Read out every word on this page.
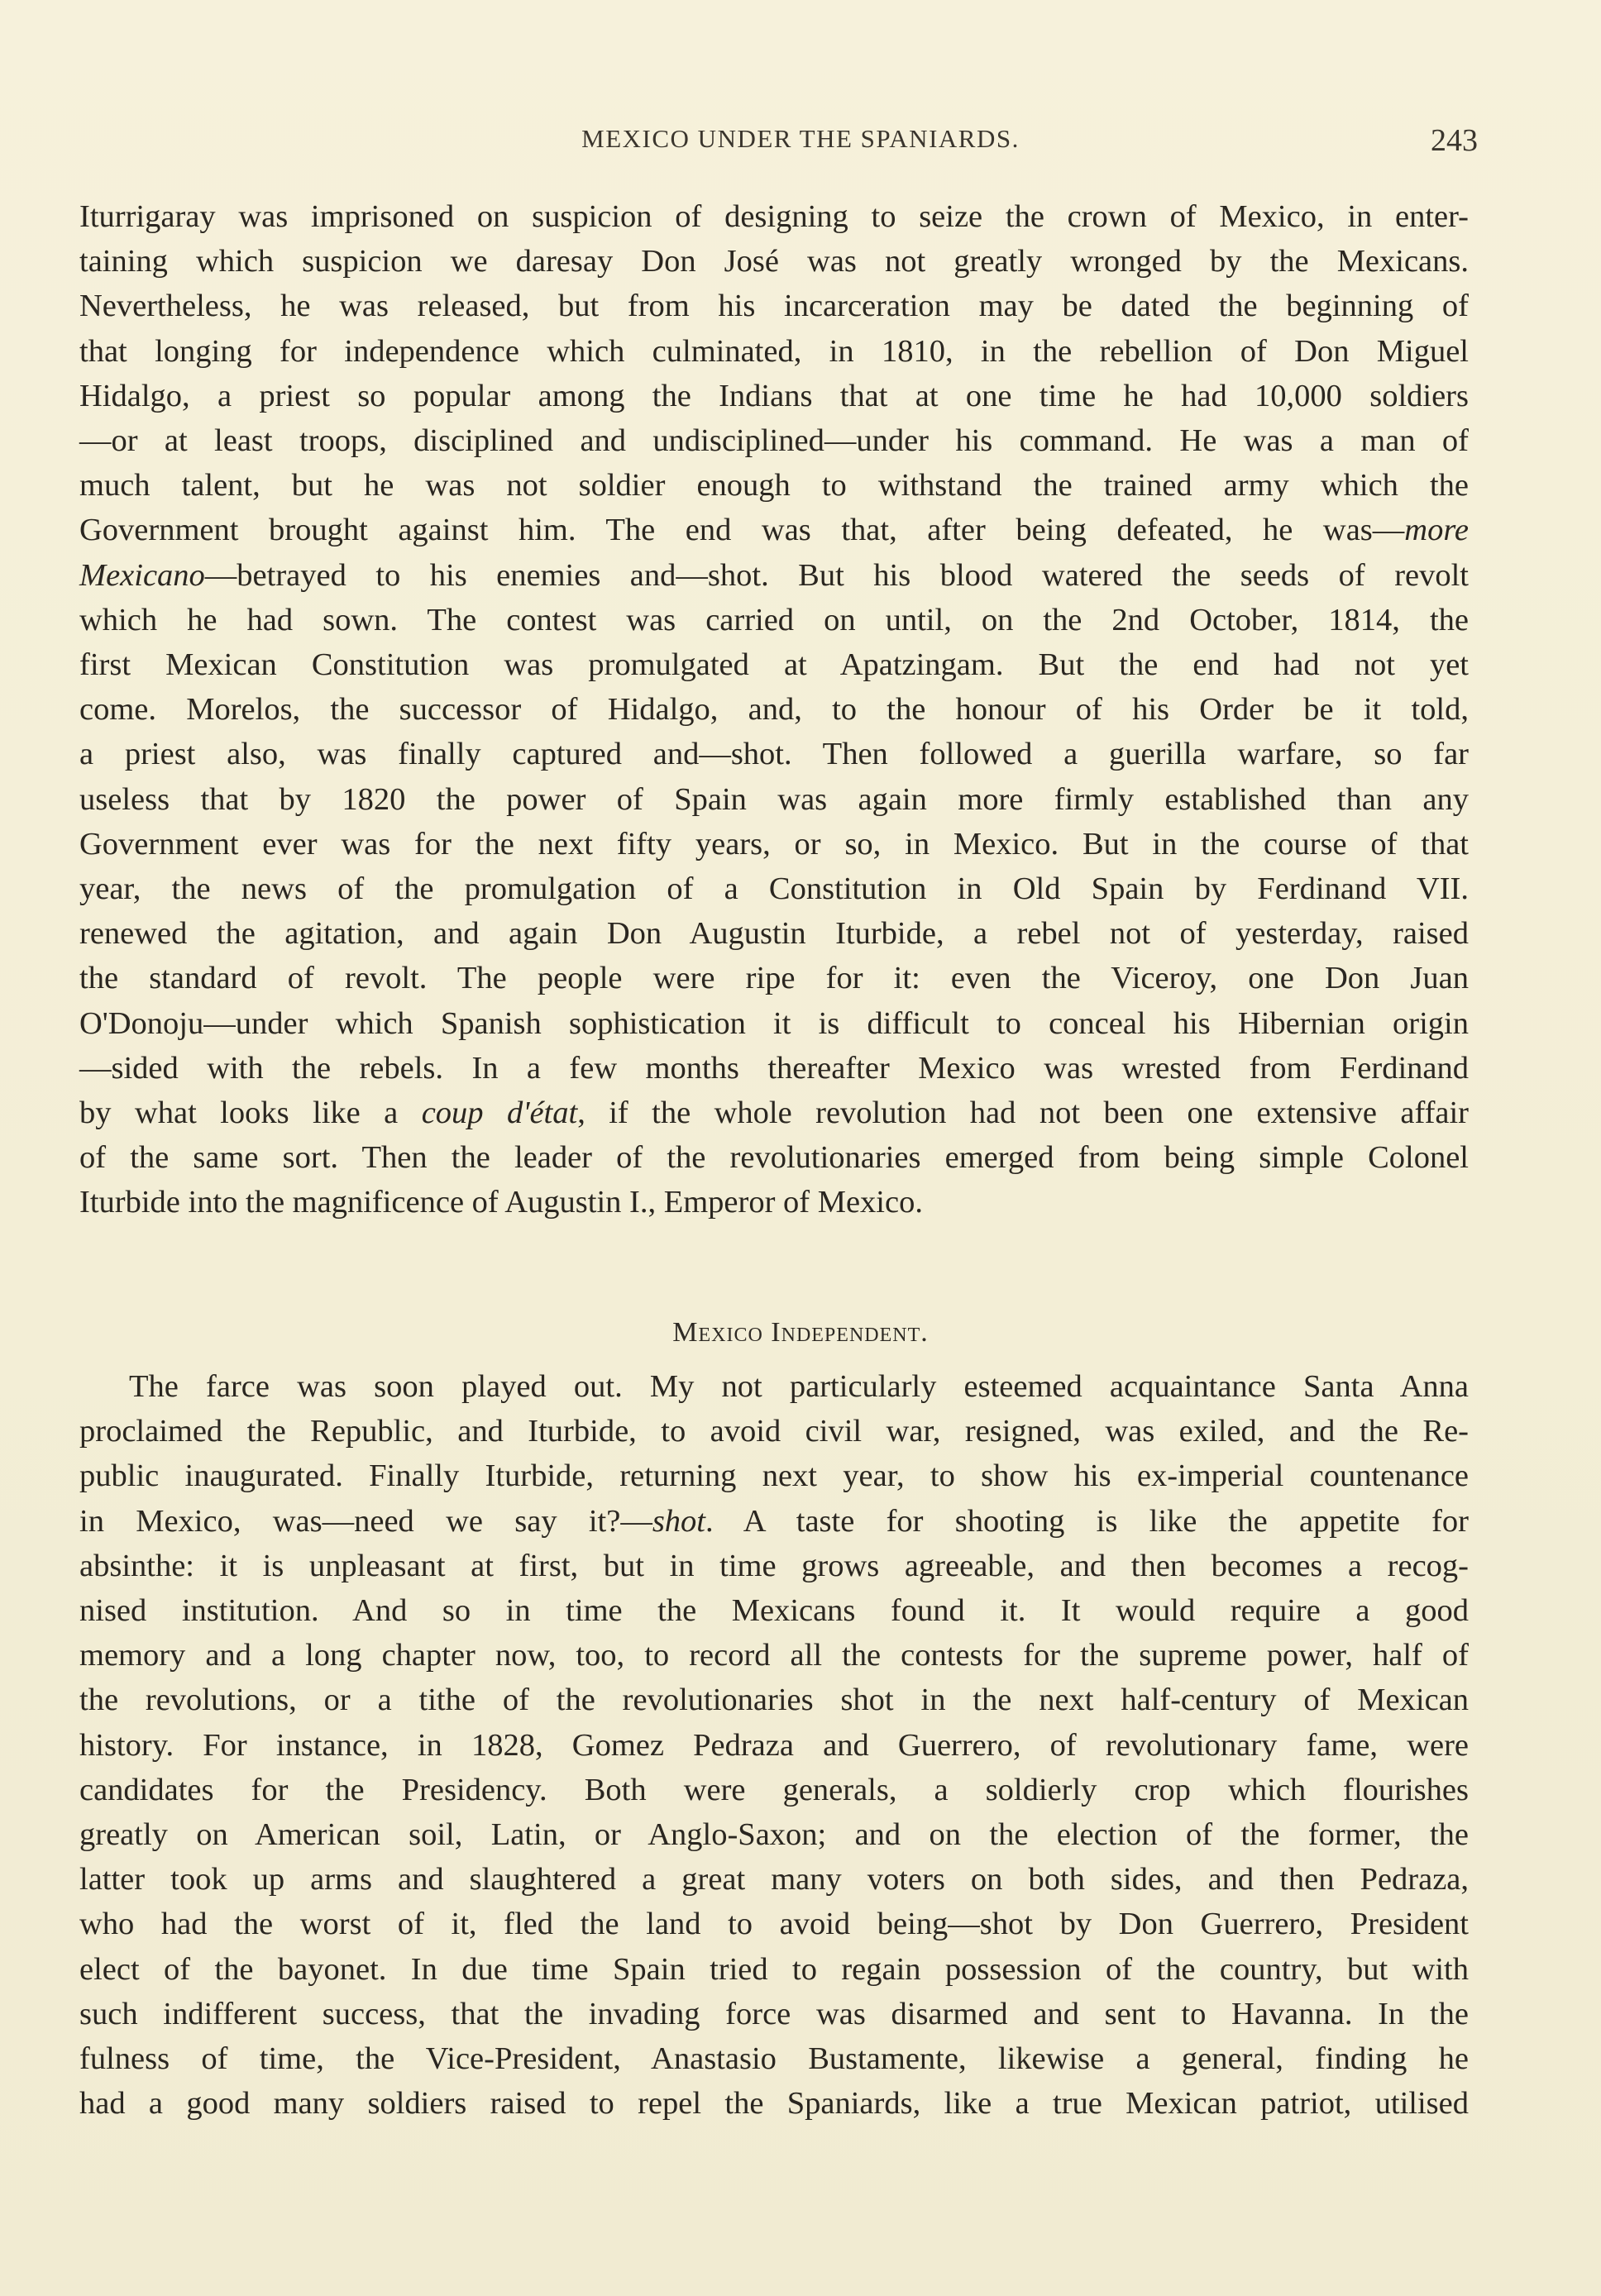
MEXICO UNDER THE SPANIARDS.	243
Iturrigaray was imprisoned on suspicion of designing to seize the crown of Mexico, in enter-
taining which suspicion we daresay Don José was not greatly wronged by the Mexicans.
Nevertheless, he was released, but from his incarceration may be dated the beginning of
that longing for independence which culminated, in 1810, in the rebellion of Don Miguel
Hidalgo, a priest so popular among the Indians that at one time he had 10,000 soldiers
—or at least troops, disciplined and undisciplined—under his command. He was a man of
much talent, but he was not soldier enough to withstand the trained army which the
Government brought against him. The end was that, after being defeated, he was—more
Mexicano—betrayed to his enemies and—shot. But his blood watered the seeds of revolt
which he had sown. The contest was carried on until, on the 2nd October, 1814, the
first Mexican Constitution was promulgated at Apatzingam. But the end had not yet
come. Morelos, the successor of Hidalgo, and, to the honour of his Order be it told,
a priest also, was finally captured and—shot. Then followed a guerilla warfare, so far
useless that by 1820 the power of Spain was again more firmly established than any
Government ever was for the next fifty years, or so, in Mexico. But in the course of that
year, the news of the promulgation of a Constitution in Old Spain by Ferdinand VII.
renewed the agitation, and again Don Augustin Iturbide, a rebel not of yesterday, raised
the standard of revolt. The people were ripe for it: even the Viceroy, one Don Juan
O'Donoju—under which Spanish sophistication it is difficult to conceal his Hibernian origin
—sided with the rebels. In a few months thereafter Mexico was wrested from Ferdinand
by what looks like a coup d'état, if the whole revolution had not been one extensive affair
of the same sort. Then the leader of the revolutionaries emerged from being simple Colonel
Iturbide into the magnificence of Augustin I., Emperor of Mexico.
Mexico Independent.
The farce was soon played out. My not particularly esteemed acquaintance Santa Anna
proclaimed the Republic, and Iturbide, to avoid civil war, resigned, was exiled, and the Re-
public inaugurated. Finally Iturbide, returning next year, to show his ex-imperial countenance
in Mexico, was—need we say it?—shot. A taste for shooting is like the appetite for
absinthe: it is unpleasant at first, but in time grows agreeable, and then becomes a recog-
nised institution. And so in time the Mexicans found it. It would require a good
memory and a long chapter now, too, to record all the contests for the supreme power, half of
the revolutions, or a tithe of the revolutionaries shot in the next half-century of Mexican
history. For instance, in 1828, Gomez Pedraza and Guerrero, of revolutionary fame, were
candidates for the Presidency. Both were generals, a soldierly crop which flourishes
greatly on American soil, Latin, or Anglo-Saxon; and on the election of the former, the
latter took up arms and slaughtered a great many voters on both sides, and then Pedraza,
who had the worst of it, fled the land to avoid being—shot by Don Guerrero, President
elect of the bayonet. In due time Spain tried to regain possession of the country, but with
such indifferent success, that the invading force was disarmed and sent to Havanna. In the
fulness of time, the Vice-President, Anastasio Bustamente, likewise a general, finding he
had a good many soldiers raised to repel the Spaniards, like a true Mexican patriot, utilised
